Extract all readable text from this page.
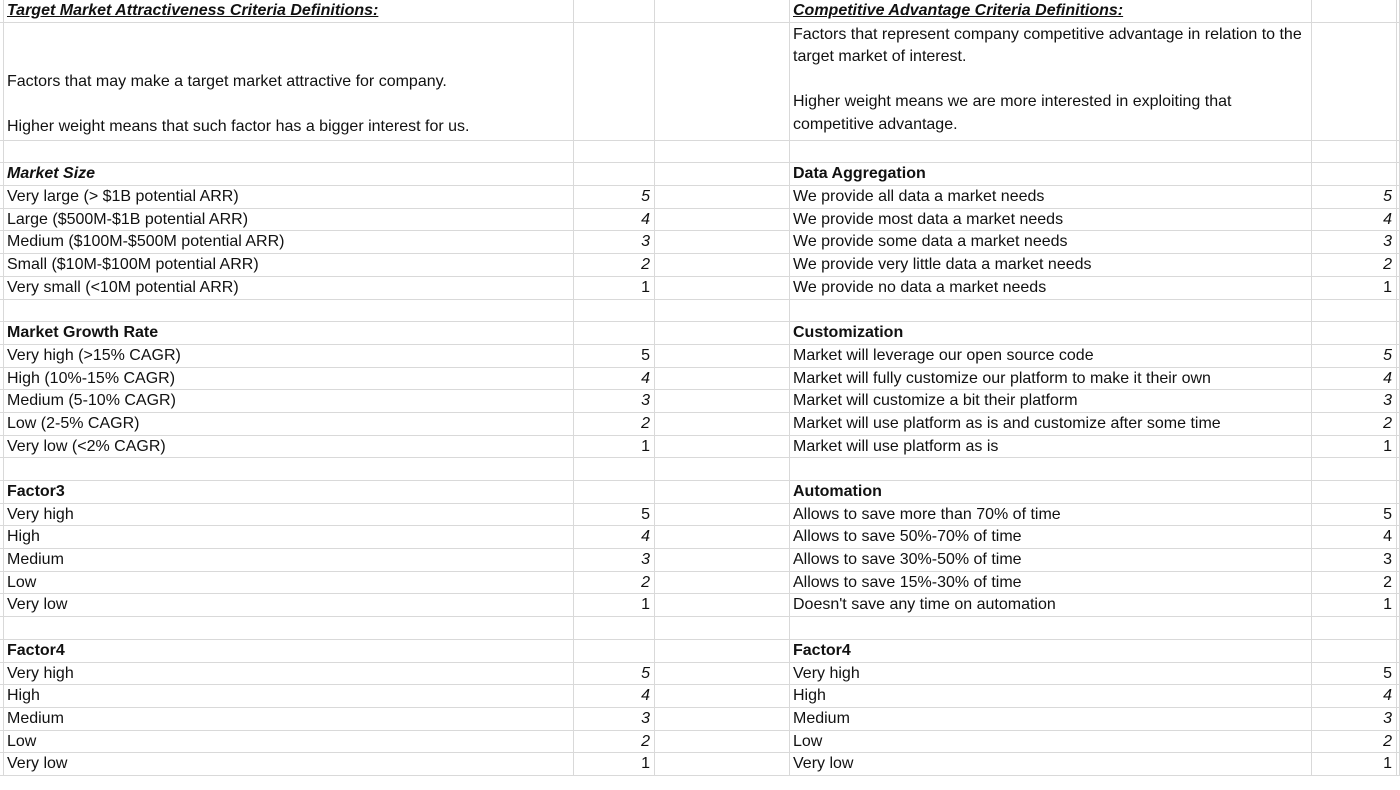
Target Market Attractiveness Criteria Definitions:	Competitive Advantage Criteria Definitions:
Factors that may make a target market attractive for company.
Higher weight means that such factor has a bigger interest for us.
Factors that represent company competitive advantage in relation to the target market of interest.
Higher weight means we are more interested in exploiting that competitive advantage.
Market Size	Data Aggregation
Very large (> $1B potential ARR)	5	We provide all data a market needs	5
Large ($500M-$1B potential ARR)	4	We provide most data a market needs	4
Medium ($100M-$500M potential ARR)	3	We provide some data a market needs	3
Small ($10M-$100M potential ARR)	2	We provide very little data a market needs	2
Very small (<10M potential ARR)	1	We provide no data a market needs	1
Market Growth Rate	Customization
Very high (>15% CAGR)	5	Market will leverage our open source code	5
High (10%-15% CAGR)	4	Market will fully customize our platform to make it their own	4
Medium (5-10% CAGR)	3	Market will customize a bit their platform	3
Low (2-5% CAGR)	2	Market will use platform as is and customize after some time	2
Very low (<2% CAGR)	1	Market will use platform as is	1
Factor3	Automation
Very high	5	Allows to save more than 70% of time	5
High	4	Allows to save 50%-70% of time	4
Medium	3	Allows to save 30%-50% of time	3
Low	2	Allows to save 15%-30% of time	2
Very low	1	Doesn't save any time on automation	1
Factor4	Factor4
Very high	5	Very high	5
High	4	High	4
Medium	3	Medium	3
Low	2	Low	2
Very low	1	Very low	1
